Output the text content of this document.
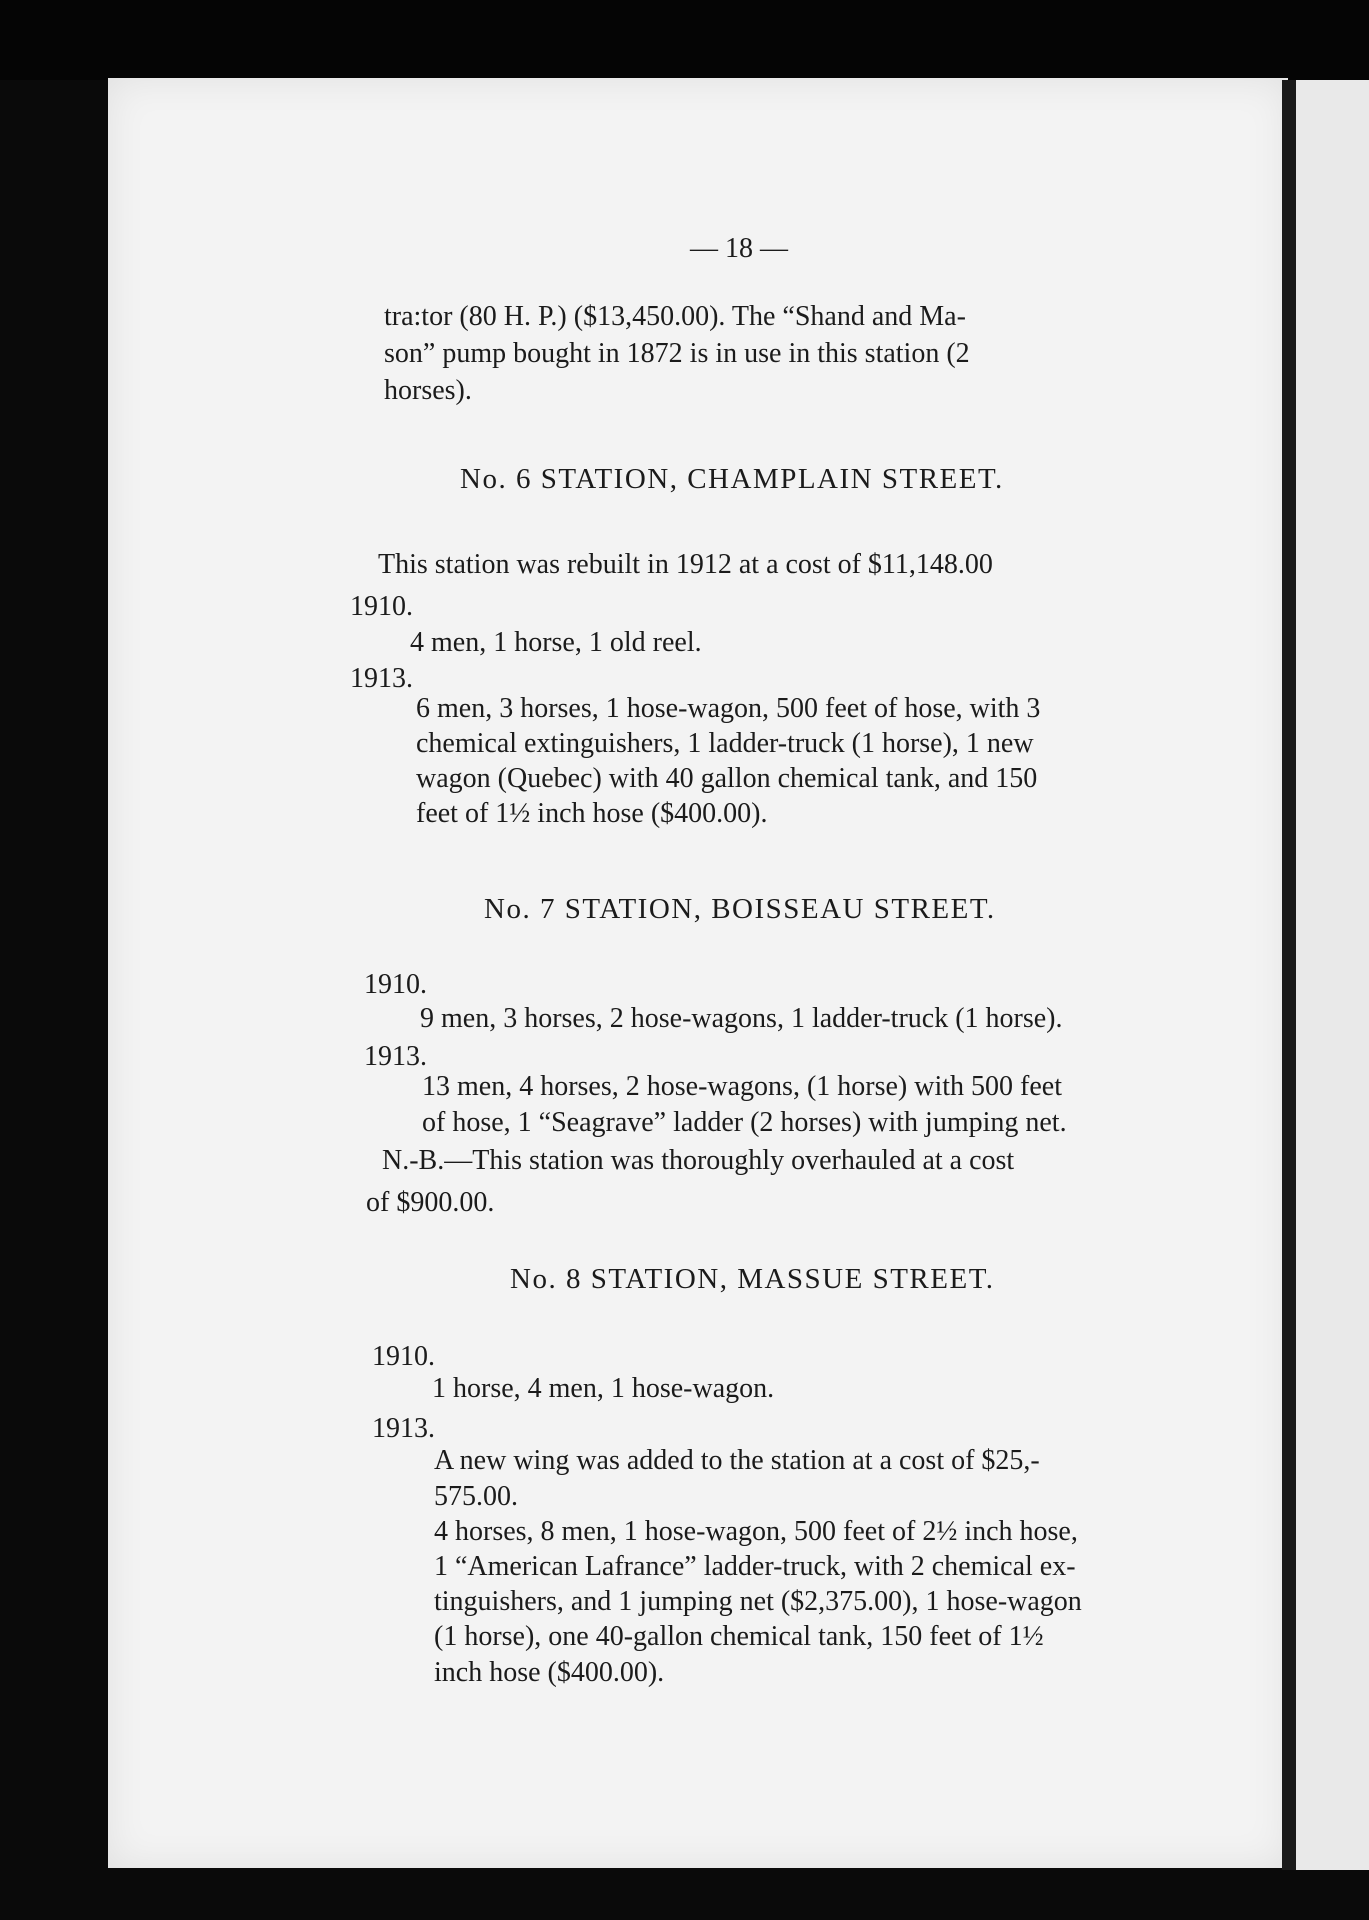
— 18 —
tra:tor (80 H. P.) ($13,450.00). The “Shand and Ma-
son” pump bought in 1872 is in use in this station (2
horses).
No. 6 STATION, CHAMPLAIN STREET.
This station was rebuilt in 1912 at a cost of $11,148.00
1910.
4 men, 1 horse, 1 old reel.
1913.
6 men, 3 horses, 1 hose-wagon, 500 feet of hose, with 3
chemical extinguishers, 1 ladder-truck (1 horse), 1 new
wagon (Quebec) with 40 gallon chemical tank, and 150
feet of 1½ inch hose ($400.00).
No. 7 STATION, BOISSEAU STREET.
1910.
9 men, 3 horses, 2 hose-wagons, 1 ladder-truck (1 horse).
1913.
13 men, 4 horses, 2 hose-wagons, (1 horse) with 500 feet
of hose, 1 “Seagrave” ladder (2 horses) with jumping net.
N.-B.—This station was thoroughly overhauled at a cost
of $900.00.
No. 8 STATION, MASSUE STREET.
1910.
1 horse, 4 men, 1 hose-wagon.
1913.
A new wing was added to the station at a cost of $25,-
575.00.
4 horses, 8 men, 1 hose-wagon, 500 feet of 2½ inch hose,
1 “American Lafrance” ladder-truck, with 2 chemical ex-
tinguishers, and 1 jumping net ($2,375.00), 1 hose-wagon
(1 horse), one 40-gallon chemical tank, 150 feet of 1½
inch hose ($400.00).
